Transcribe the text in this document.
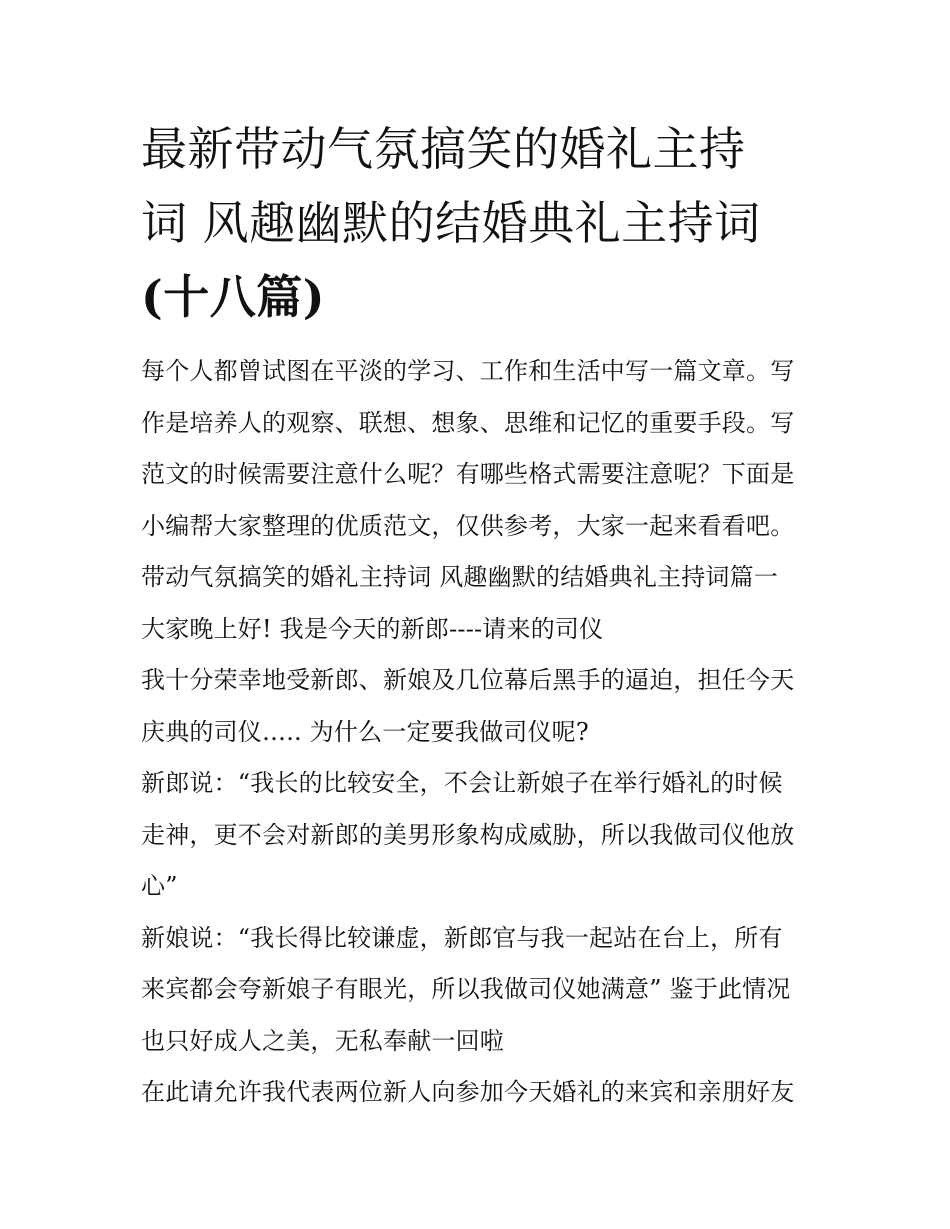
最新带动气氛搞笑的婚礼主持
词 风趣幽默的结婚典礼主持词
(十八篇)
每个人都曾试图在平淡的学习、工作和生活中写一篇文章。写
作是培养人的观察、联想、想象、思维和记忆的重要手段。写
范文的时候需要注意什么呢？有哪些格式需要注意呢？下面是
小编帮大家整理的优质范文，仅供参考，大家一起来看看吧。
带动气氛搞笑的婚礼主持词 风趣幽默的结婚典礼主持词篇一
大家晚上好! 我是今天的新郎----请来的司仪
我十分荣幸地受新郎、新娘及几位幕后黑手的逼迫，担任今天
庆典的司仪….. 为什么一定要我做司仪呢?
新郎说：“我长的比较安全，不会让新娘子在举行婚礼的时候
走神，更不会对新郎的美男形象构成威胁，所以我做司仪他放
心”
新娘说：“我长得比较谦虚，新郎官与我一起站在台上，所有
来宾都会夸新娘子有眼光，所以我做司仪她满意” 鉴于此情况
也只好成人之美，无私奉献一回啦
在此请允许我代表两位新人向参加今天婚礼的来宾和亲朋好友
